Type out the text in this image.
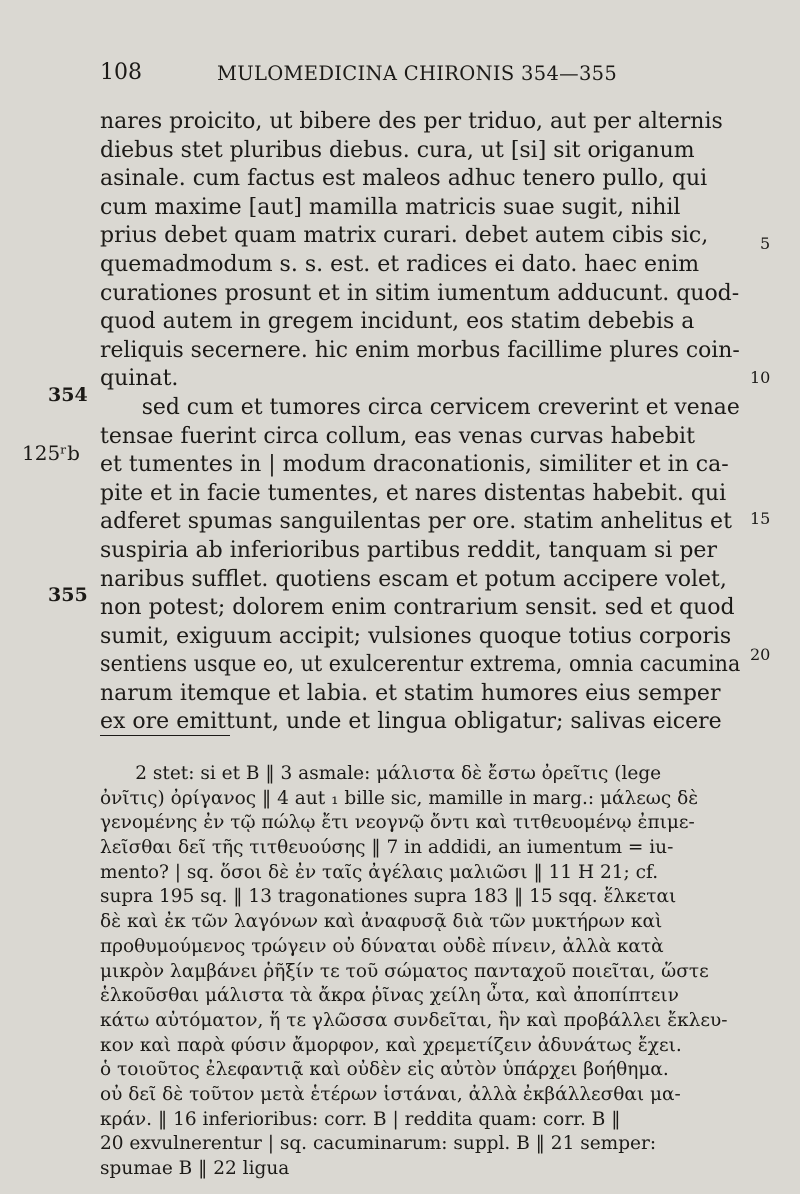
108	MULOMEDICINA CHIRONIS 354—355
nares proicito, ut bibere des per triduo, aut per alternis
diebus stet pluribus diebus. cura, ut [si] sit origanum
asinale. cum factus est maleos adhuc tenero pullo, qui
cum maxime [aut] mamilla matricis suae sugit, nihil
prius debet quam matrix curari. debet autem cibis sic,
quemadmodum s. s. est. et radices ei dato. haec enim
curationes prosunt et in sitim iumentum adducunt. quod-
quod autem in gregem incidunt, eos statim debebis a
reliquis secernere. hic enim morbus facillime plures coin-
quinat.
sed cum et tumores circa cervicem creverint et venae
tensae fuerint circa collum, eas venas curvas habebit
et tumentes in | modum draconationis, similiter et in ca-
pite et in facie tumentes, et nares distentas habebit. qui
adferet spumas sanguilentas per ore. statim anhelitus et
suspiria ab inferioribus partibus reddit, tanquam si per
naribus sufflet. quotiens escam et potum accipere volet,
non potest; dolorem enim contrarium sensit. sed et quod
sumit, exiguum accipit; vulsiones quoque totius corporis
sentiens usque eo, ut exulcerentur extrema, omnia cacumina
narum itemque et labia. et statim humores eius semper
ex ore emittunt, unde et lingua obligatur; salivas eicere
5
10
15
20
354
355
125ʳb
2 stet: si et B ‖ 3 asmale: μάλιστα δὲ ἔστω ὀρεῖτις (lege
ὀνῖτις) ὀρίγανος ‖ 4 aut ₁ bille sic, mamille in marg.: μάλεως δὲ
γενομένης ἐν τῷ πώλῳ ἔτι νεογνῷ ὄντι καὶ τιτθευομένῳ ἐπιμε-
λεῖσθαι δεῖ τῆς τιτθευούσης ‖ 7 in addidi, an iumentum = iu-
mento? | sq. ὅσοι δὲ ἐν ταῖς ἀγέλαις μαλιῶσι ‖ 11 H 21; cf.
supra 195 sq. ‖ 13 tragonationes supra 183 ‖ 15 sqq. ἕλκεται
δὲ καὶ ἐκ τῶν λαγόνων καὶ ἀναφυσᾷ διὰ τῶν μυκτήρων καὶ
προθυμούμενος τρώγειν οὐ δύναται οὐδὲ πίνειν, ἀλλὰ κατὰ
μικρὸν λαμβάνει ῥῆξίν τε τοῦ σώματος πανταχοῦ ποιεῖται, ὥστε
ἑλκοῦσθαι μάλιστα τὰ ἄκρα ῥῖνας χείλη ὦτα, καὶ ἀποπίπτειν
κάτω αὐτόματον, ἥ τε γλῶσσα συνδεῖται, ἣν καὶ προβάλλει ἔκλευ-
κον καὶ παρὰ φύσιν ἄμορφον, καὶ χρεμετίζειν ἀδυνάτως ἔχει.
ὁ τοιοῦτος ἐλεφαντιᾷ καὶ οὐδὲν εἰς αὐτὸν ὑπάρχει βοήθημα.
οὐ δεῖ δὲ τοῦτον μετὰ ἑτέρων ἱστάναι, ἀλλὰ ἐκβάλλεσθαι μα-
κράν. ‖ 16 inferioribus: corr. B | reddita quam: corr. B ‖
20 exvulnerentur | sq. cacuminarum: suppl. B ‖ 21 semper:
spumae B ‖ 22 ligua
